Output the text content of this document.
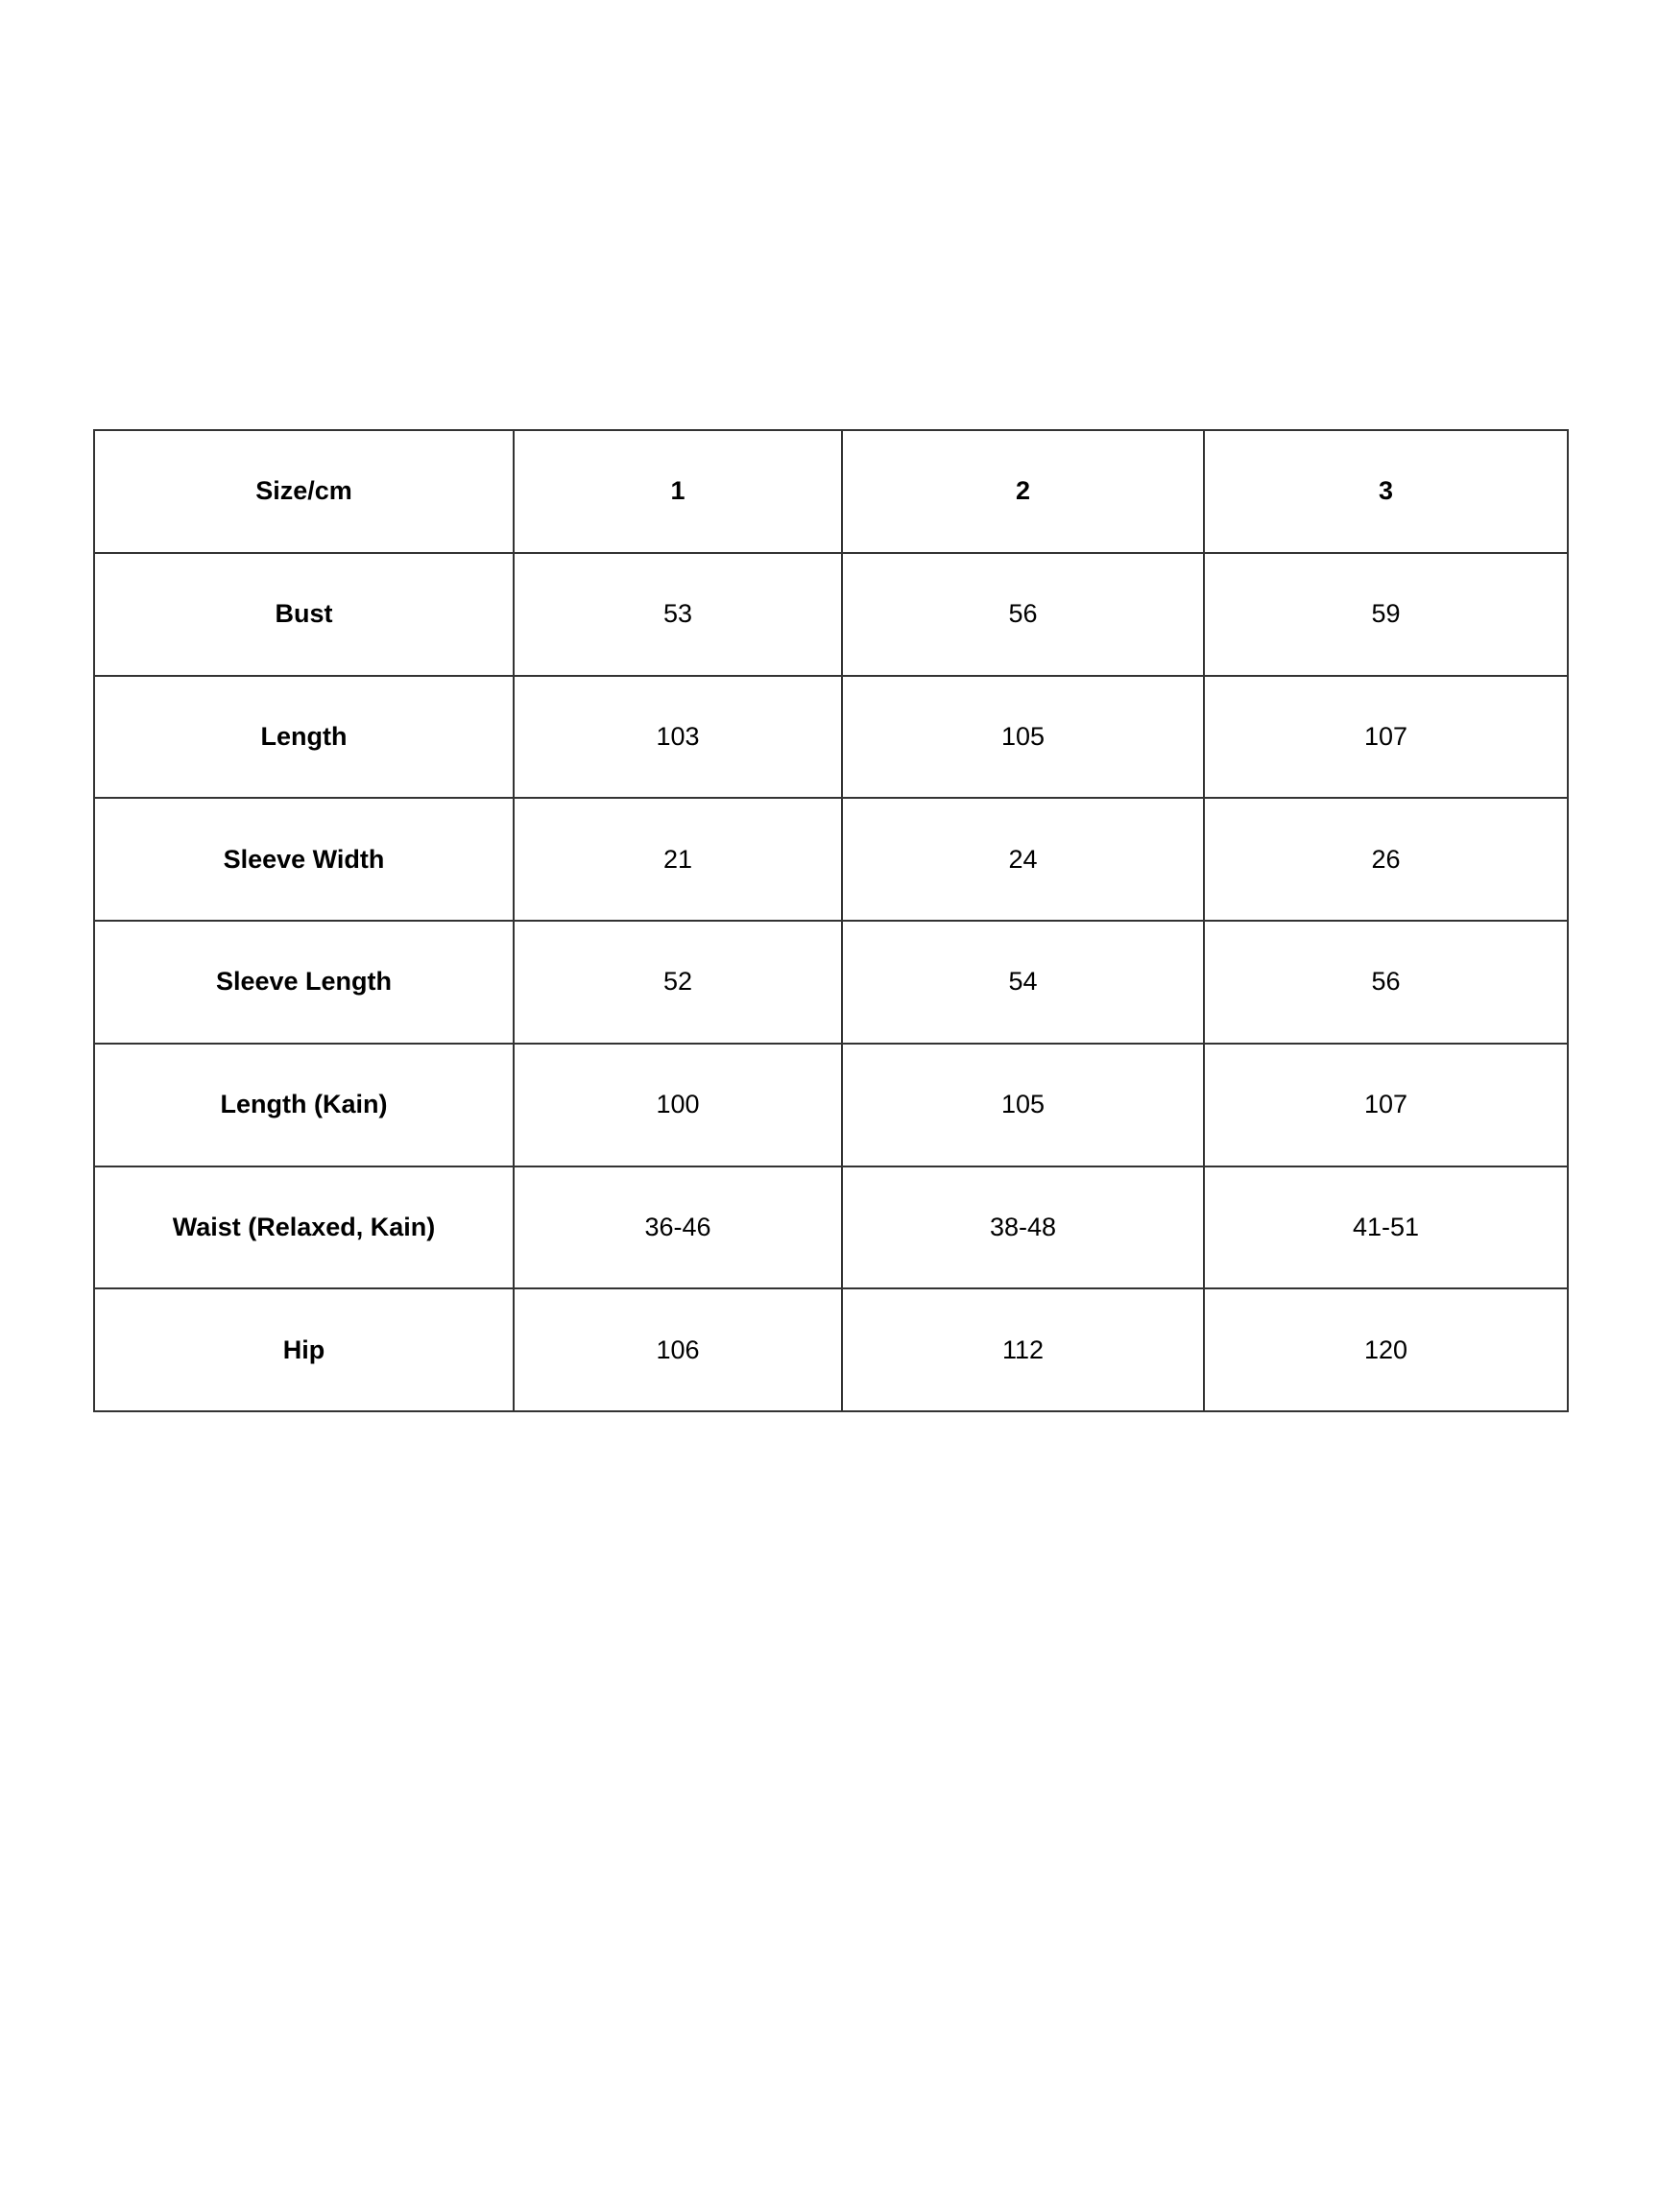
Size/cm	1	2	3
Bust	53	56	59
Length	103	105	107
Sleeve Width	21	24	26
Sleeve Length	52	54	56
Length (Kain)	100	105	107
Waist (Relaxed, Kain)	36-46	38-48	41-51
Hip	106	112	120
